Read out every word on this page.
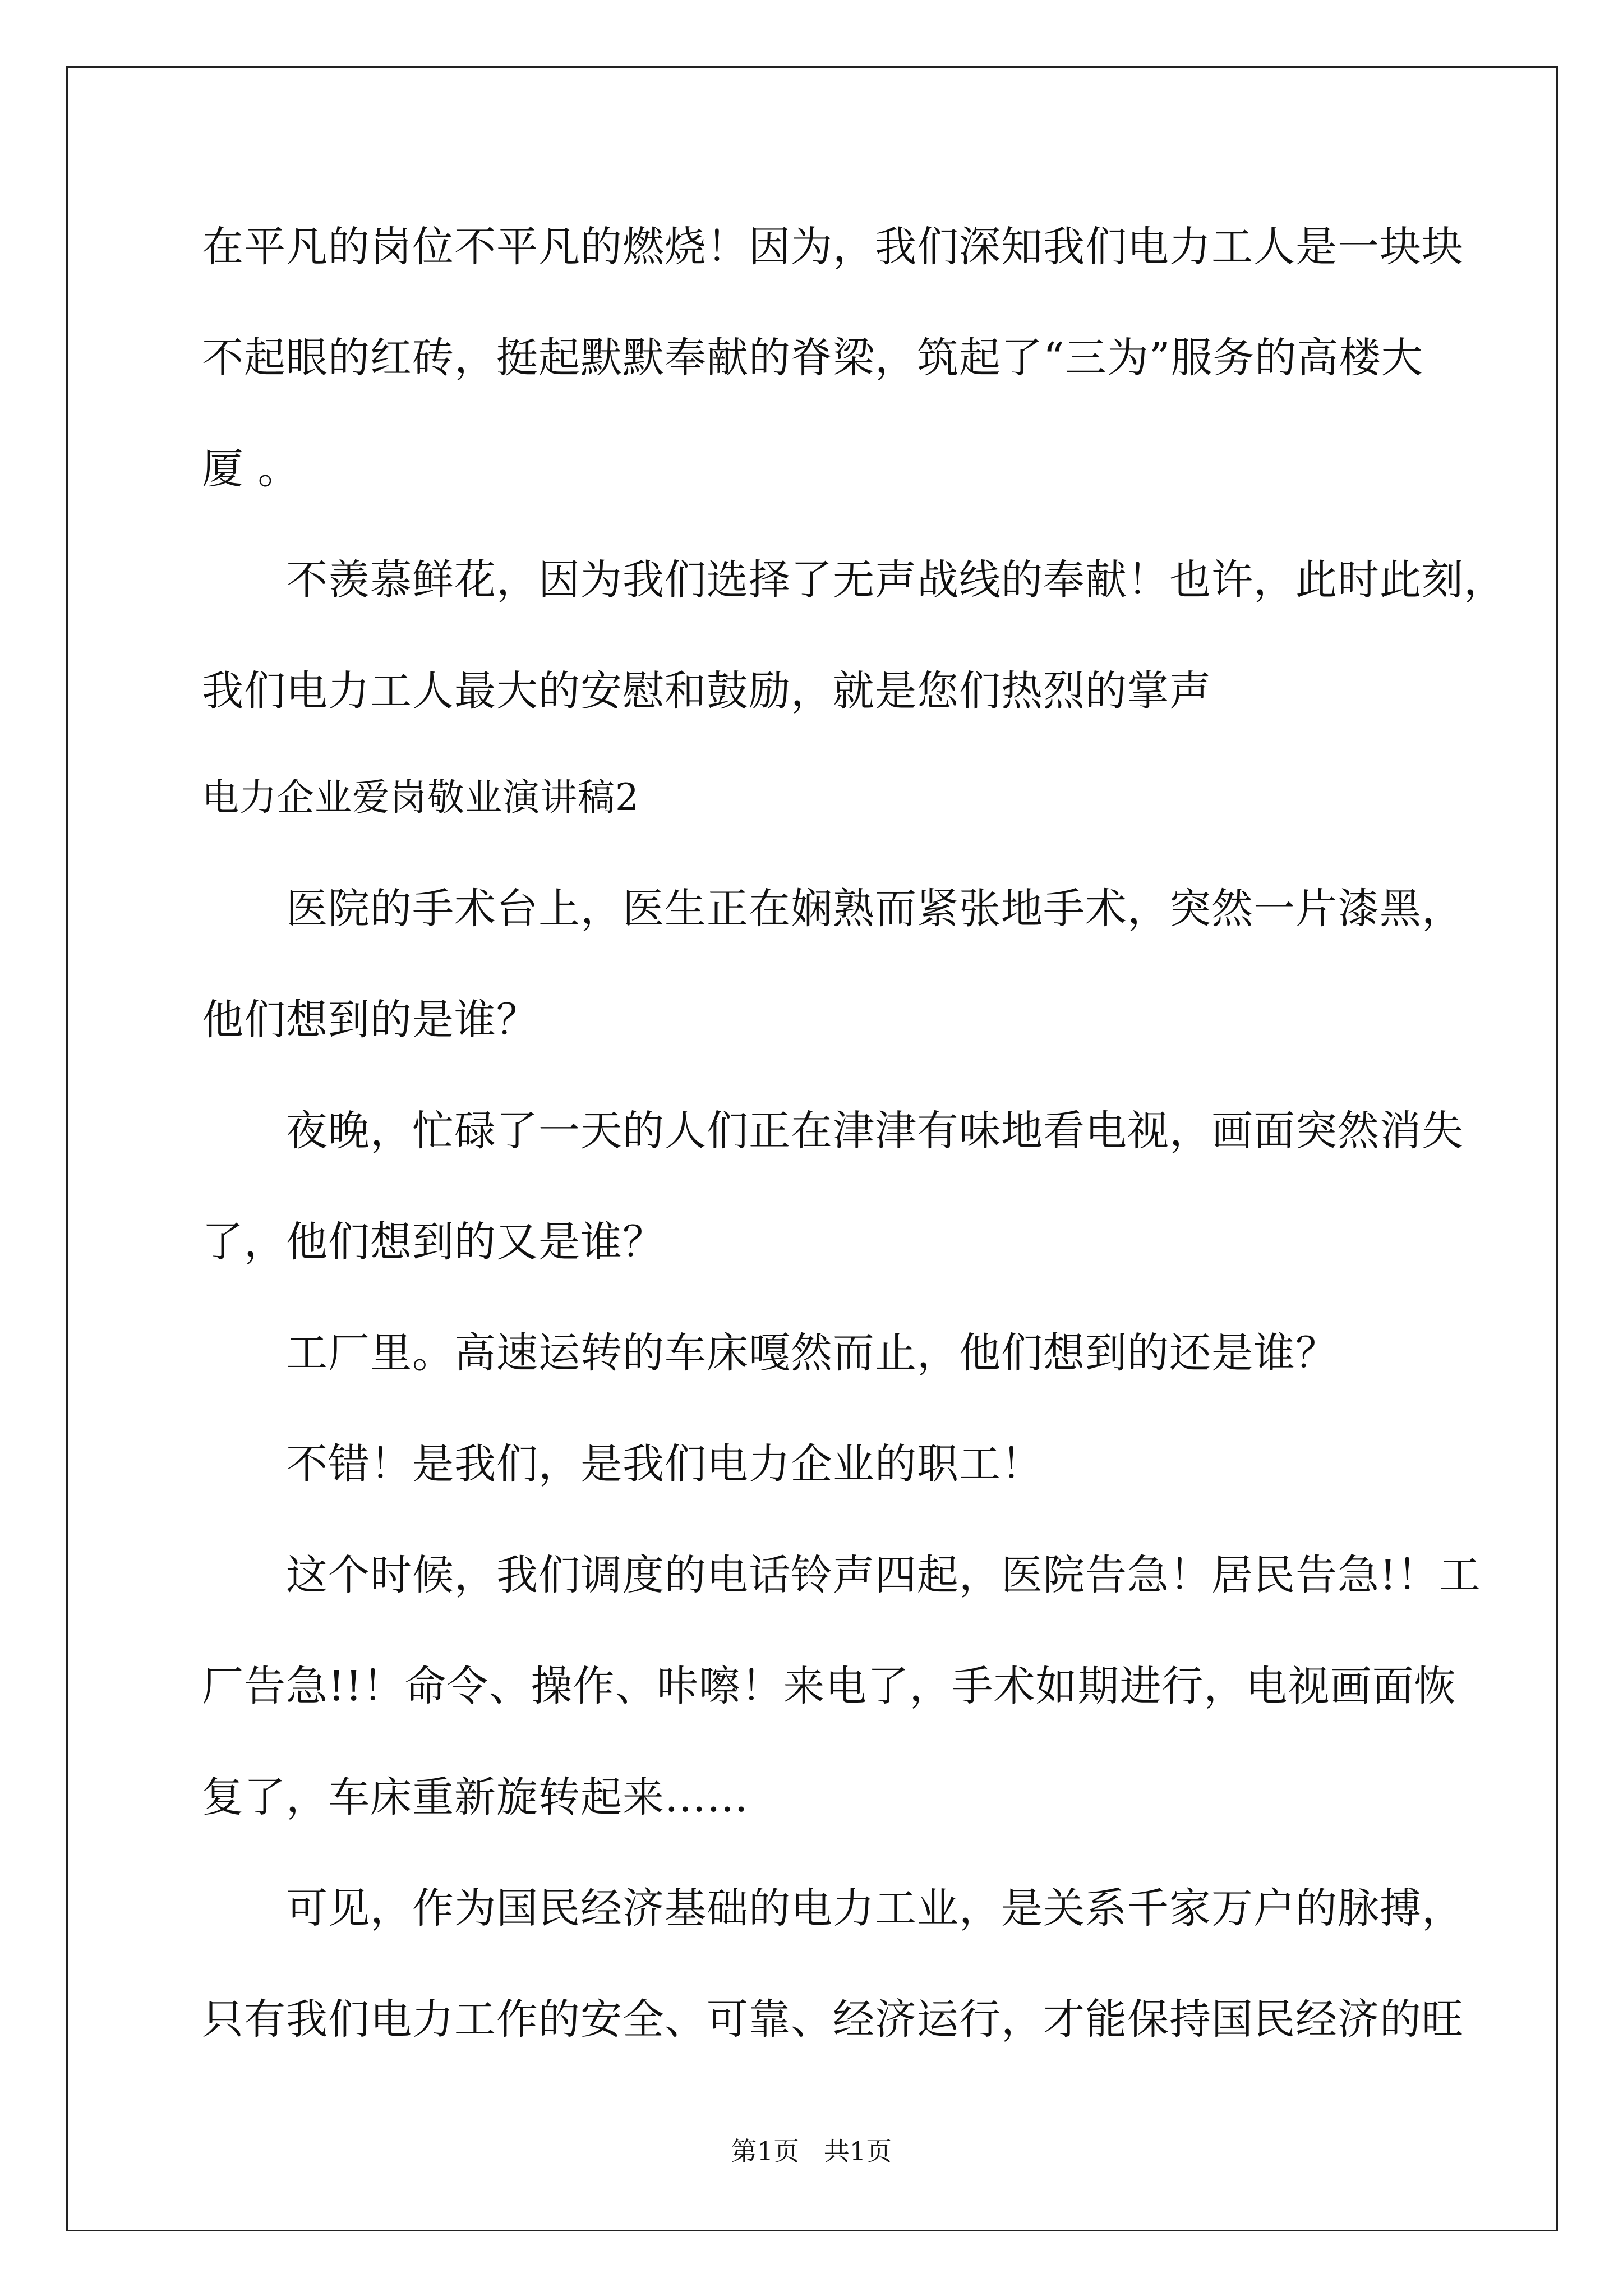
在平凡的岗位不平凡的燃烧！因为，我们深知我们电力工人是一块块

不起眼的红砖，挺起默默奉献的脊梁，筑起了“三为”服务的高楼大

厦 。

不羡慕鲜花，因为我们选择了无声战线的奉献！也许，此时此刻，

我们电力工人最大的安慰和鼓励，就是您们热烈的掌声

电力企业爱岗敬业演讲稿2

医院的手术台上，医生正在娴熟而紧张地手术，突然一片漆黑，

他们想到的是谁？

夜晚，忙碌了一天的人们正在津津有味地看电视，画面突然消失

了，他们想到的又是谁？

工厂里。高速运转的车床嘎然而止，他们想到的还是谁？

不错！是我们，是我们电力企业的职工！

这个时候，我们调度的电话铃声四起，医院告急！居民告急!！工

厂告急!!！命令、操作、咔嚓！来电了，手术如期进行，电视画面恢

复了，车床重新旋转起来……

可见，作为国民经济基础的电力工业，是关系千家万户的脉搏，

只有我们电力工作的安全、可靠、经济运行，才能保持国民经济的旺

第1页   共1页
